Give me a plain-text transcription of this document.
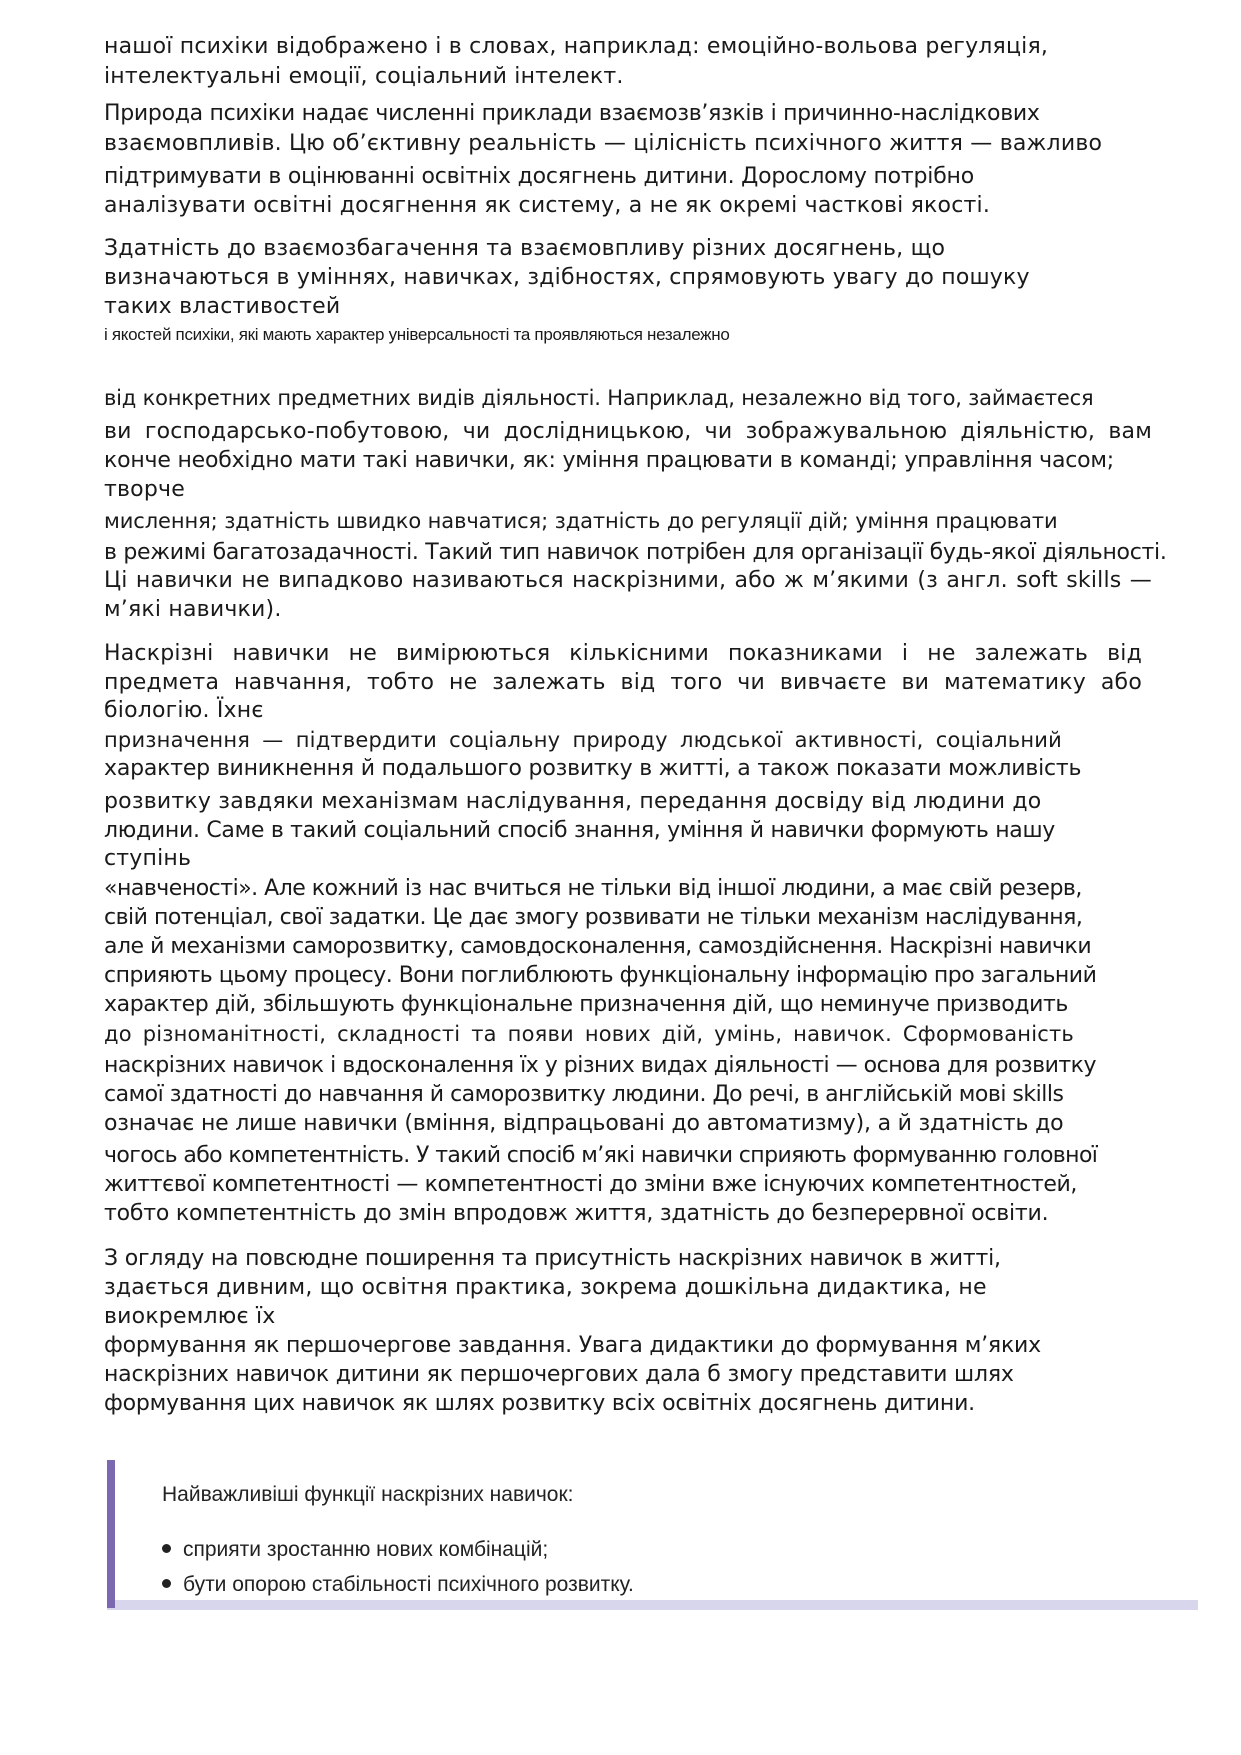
нашої психіки відображено і в словах, наприклад: емоційно-вольова регуляція,
інтелектуальні емоції, соціальний інтелект.
Природа психіки надає численні приклади взаємозв’язків і причинно-наслідкових
взаємовпливів. Цю об’єктивну реальність — цілісність психічного життя — важливо
підтримувати в оцінюванні освітніх досягнень дитини. Дорослому потрібно
аналізувати освітні досягнення як систему, а не як окремі часткові якості.
Здатність до взаємозбагачення та взаємовпливу різних досягнень, що
визначаються в уміннях, навичках, здібностях, спрямовують увагу до пошуку
таких властивостей
і якостей психіки, які мають характер універсальності та проявляються незалежно
від конкретних предметних видів діяльності. Наприклад, незалежно від того, займаєтеся
ви господарсько-побутовою, чи дослідницькою, чи зображувальною діяльністю, вам
конче необхідно мати такі навички, як: уміння працювати в команді; управління часом;
творче
мислення; здатність швидко навчатися; здатність до регуляції дій; уміння працювати
в режимі багатозадачності. Такий тип навичок потрібен для організації будь-якої діяльності.
Ці навички не випадково називаються наскрізними, або ж м’якими (з англ. soft skills —
м’які навички).
Наскрізні навички не вимірюються кількісними показниками і не залежать від
предмета навчання, тобто не залежать від того чи вивчаєте ви математику або
біологію. Їхнє
призначення — підтвердити соціальну природу людської активності, соціальний
характер виникнення й подальшого розвитку в житті, а також показати можливість
розвитку завдяки механізмам наслідування, передання досвіду від людини до
людини. Саме в такий соціальний спосіб знання, уміння й навички формують нашу
ступінь
«навченості». Але кожний із нас вчиться не тільки від іншої людини, а має свій резерв,
свій потенціал, свої задатки. Це дає змогу розвивати не тільки механізм наслідування,
але й механізми саморозвитку, самовдосконалення, самоздійснення. Наскрізні навички
сприяють цьому процесу. Вони поглиблюють функціональну інформацію про загальний
характер дій, збільшують функціональне призначення дій, що неминуче призводить
до різноманітності, складності та появи нових дій, умінь, навичок. Сформованість
наскрізних навичок і вдосконалення їх у різних видах діяльності — основа для розвитку
самої здатності до навчання й саморозвитку людини. До речі, в англійській мові skills
означає не лише навички (вміння, відпрацьовані до автоматизму), а й здатність до
чогось або компетентність. У такий спосіб м’які навички сприяють формуванню головної
життєвої компетентності — компетентності до зміни вже існуючих компетентностей,
тобто компетентність до змін впродовж життя, здатність до безперервної освіти.
З огляду на повсюдне поширення та присутність наскрізних навичок в житті,
здається дивним, що освітня практика, зокрема дошкільна дидактика, не
виокремлює їх
формування як першочергове завдання. Увага дидактики до формування м’яких
наскрізних навичок дитини як першочергових дала б змогу представити шлях
формування цих навичок як шлях розвитку всіх освітніх досягнень дитини.
Найважливіші функції наскрізних навичок:
сприяти зростанню нових комбінацій;
бути опорою стабільності психічного розвитку.
